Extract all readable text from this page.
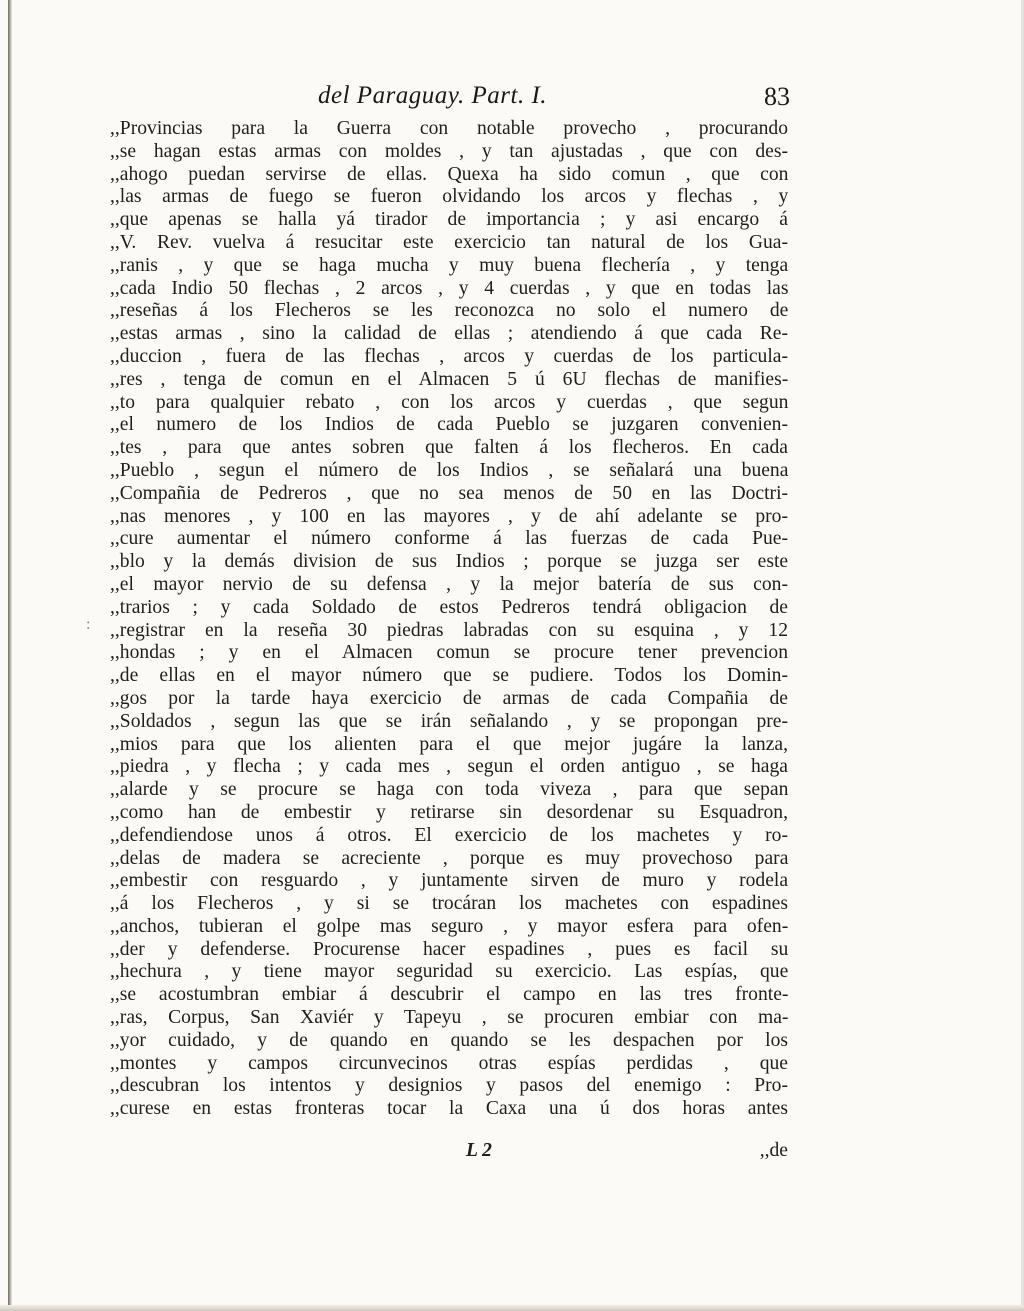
del Paraguay. Part. I.	83
:
,,Provincias para la Guerra con notable provecho , procurando
,,se hagan estas armas con moldes , y tan ajustadas , que con des-
,,ahogo puedan servirse de ellas. Quexa ha sido comun , que con
,,las armas de fuego se fueron olvidando los arcos y flechas , y
,,que apenas se halla yá tirador de importancia ; y asi encargo á
,,V. Rev. vuelva á resucitar este exercicio tan natural de los Gua-
,,ranis , y que se haga mucha y muy buena flechería , y tenga
,,cada Indio 50 flechas , 2 arcos , y 4 cuerdas , y que en todas las
,,reseñas á los Flecheros se les reconozca no solo el numero de
,,estas armas , sino la calidad de ellas ; atendiendo á que cada Re-
,,duccion , fuera de las flechas , arcos y cuerdas de los particula-
,,res , tenga de comun en el Almacen 5 ú 6U flechas de manifies-
,,to para qualquier rebato , con los arcos y cuerdas , que segun
,,el numero de los Indios de cada Pueblo se juzgaren convenien-
,,tes , para que antes sobren que falten á los flecheros. En cada
,,Pueblo , segun el número de los Indios , se señalará una buena
,,Compañia de Pedreros , que no sea menos de 50 en las Doctri-
,,nas menores , y 100 en las mayores , y de ahí adelante se pro-
,,cure aumentar el número conforme á las fuerzas de cada Pue-
,,blo y la demás division de sus Indios ; porque se juzga ser este
,,el mayor nervio de su defensa , y la mejor batería de sus con-
,,trarios ; y cada Soldado de estos Pedreros tendrá obligacion de
,,registrar en la reseña 30 piedras labradas con su esquina , y 12
,,hondas ; y en el Almacen comun se procure tener prevencion
,,de ellas en el mayor número que se pudiere. Todos los Domin-
,,gos por la tarde haya exercicio de armas de cada Compañia de
,,Soldados , segun las que se irán señalando , y se propongan pre-
,,mios para que los alienten para el que mejor jugáre la lanza,
,,piedra , y flecha ; y cada mes , segun el orden antiguo , se haga
,,alarde y se procure se haga con toda viveza , para que sepan
,,como han de embestir y retirarse sin desordenar su Esquadron,
,,defendiendose unos á otros. El exercicio de los machetes y ro-
,,delas de madera se acreciente , porque es muy provechoso para
,,embestir con resguardo , y juntamente sirven de muro y rodela
,,á los Flecheros , y si se trocáran los machetes con espadines
,,anchos, tubieran el golpe mas seguro , y mayor esfera para ofen-
,,der y defenderse. Procurense hacer espadines , pues es facil su
,,hechura , y tiene mayor seguridad su exercicio. Las espías, que
,,se acostumbran embiar á descubrir el campo en las tres fronte-
,,ras, Corpus, San Xaviér y Tapeyu , se procuren embiar con ma-
,,yor cuidado, y de quando en quando se les despachen por los
,,montes y campos circunvecinos otras espías perdidas , que
,,descubran los intentos y designios y pasos del enemigo : Pro-
,,curese en estas fronteras tocar la Caxa una ú dos horas antes
L 2	,,de
